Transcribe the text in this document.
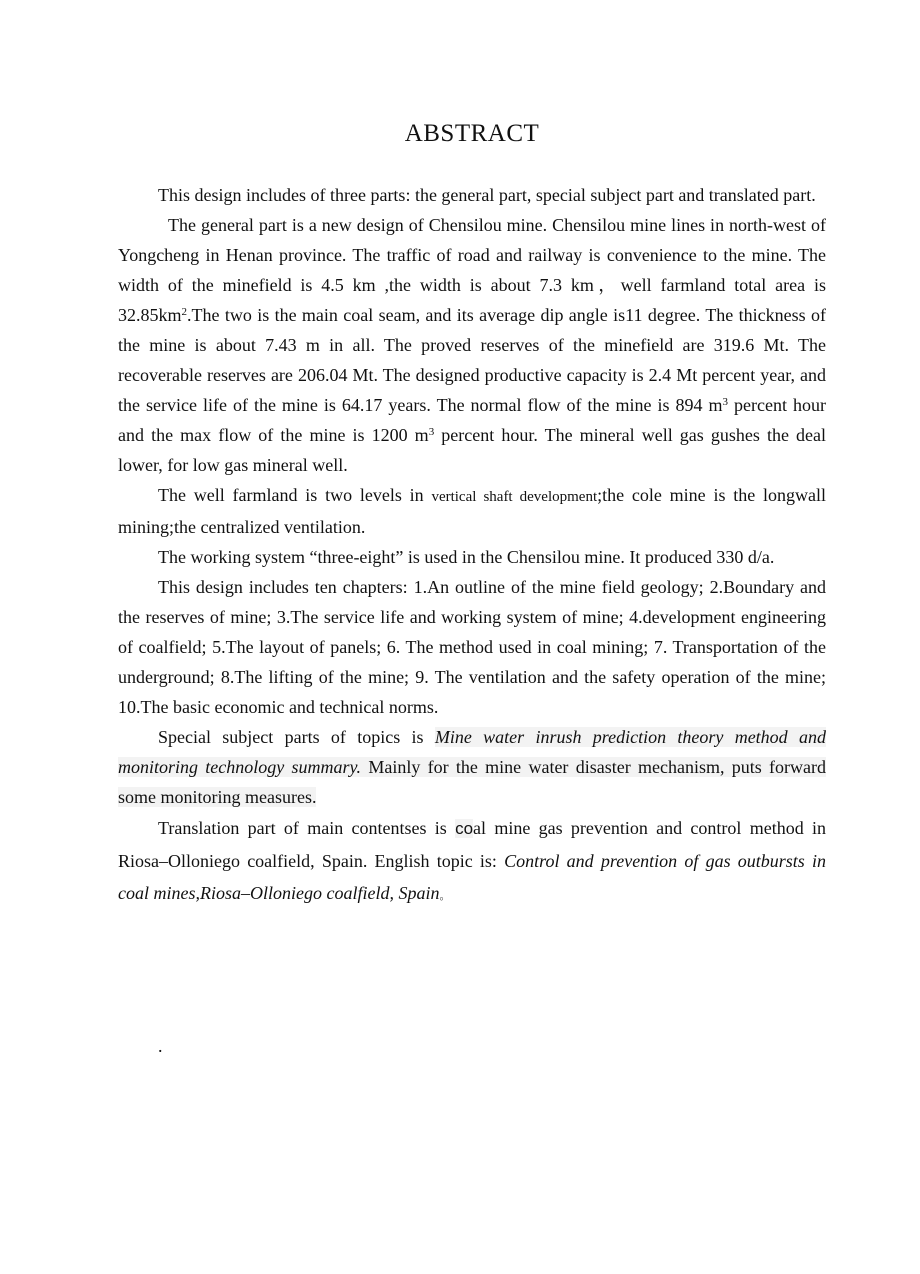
ABSTRACT

This design includes of three parts: the general part, special subject part and translated part.

The general part is a new design of Chensilou mine. Chensilou mine lines in north-west of Yongcheng in Henan province. The traffic of road and railway is convenience to the mine. The width of the minefield is 4.5 km ,the width is about 7.3 km，well farmland total area is $32.85km^2.The$ two is the main coal seam, and its average dip angle is11 degree. The thickness of the mine is about 7.43 m in all. The proved reserves of the minefield are 319.6 Mt. The recoverable reserves are 206.04 Mt. The designed productive capacity is 2.4 Mt percent year, and the service life of the mine is 64.17 years. The normal flow of the mine is 894 $m^3$ percent hour and the max flow of the mine is 1200 $m^3$ percent hour. The mineral well gas gushes the deal lower, for low gas mineral well.

The well farmland is two levels in vertical shaft development;the cole mine is the longwall mining;the centralized ventilation.

The working system “three-eight” is used in the Chensilou mine. It produced 330 d/a.

This design includes ten chapters: 1.An outline of the mine field geology; 2.Boundary and the reserves of mine; 3.The service life and working system of mine; 4.development engineering of coalfield; 5.The layout of panels; 6. The method used in coal mining; 7. Transportation of the underground; 8.The lifting of the mine; 9. The ventilation and the safety operation of the mine; 10.The basic economic and technical norms.

Special subject parts of topics is Mine water inrush prediction theory method and monitoring technology summary. Mainly for the mine water disaster mechanism, puts forward some monitoring measures.

Translation part of main contentses is coal mine gas prevention and control method in Riosa–Olloniego coalfield, Spain. English topic is: Control and prevention of gas outbursts in coal mines,Riosa–Olloniego coalfield, Spain。

.
